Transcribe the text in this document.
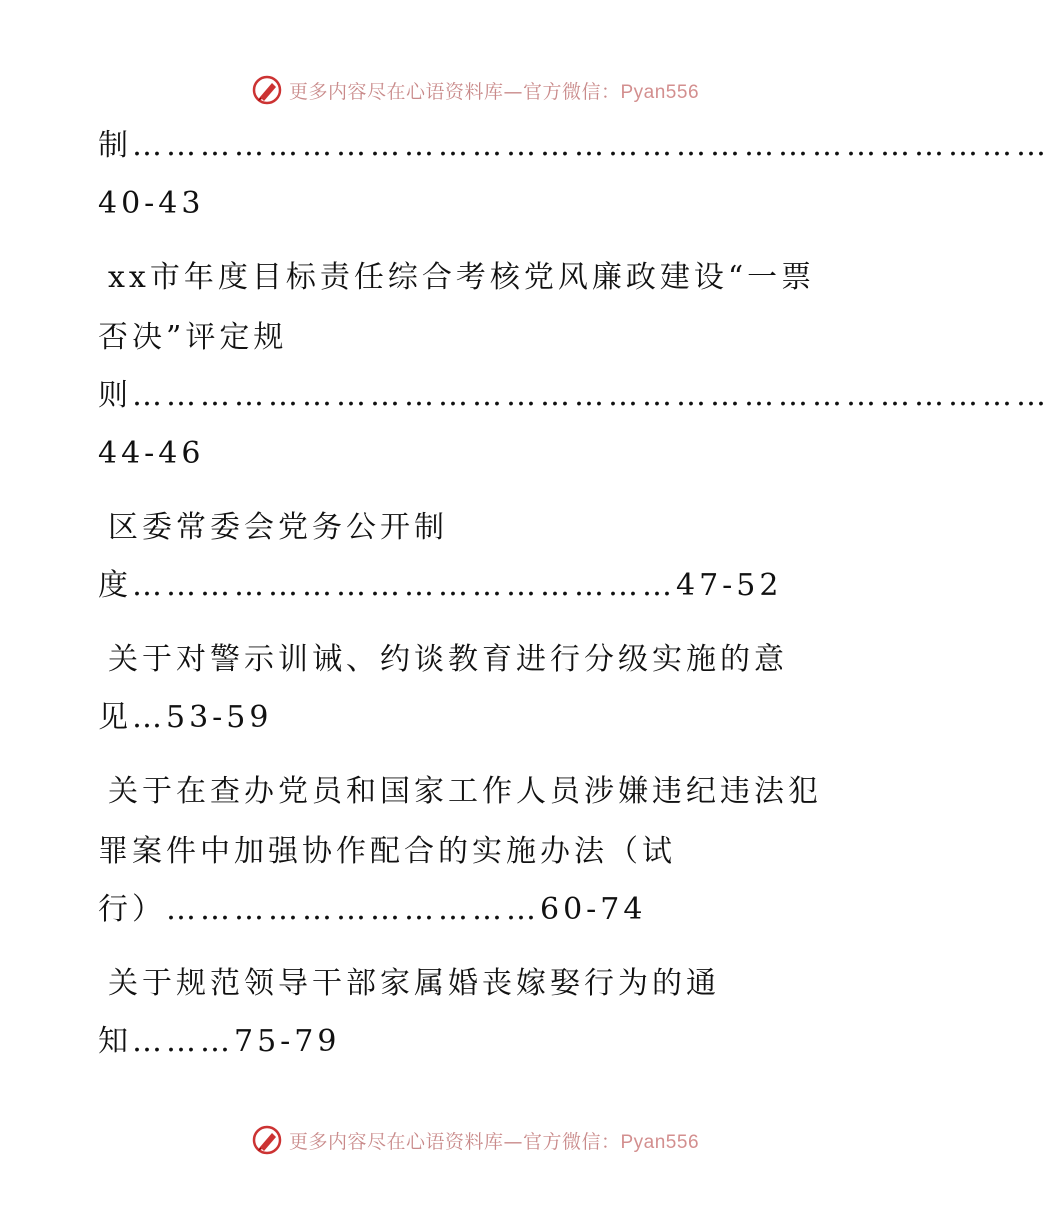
更多内容尽在心语资料库—官方微信：Pyan556
制………………………………………………………………………
40-43
xx市年度目标责任综合考核党风廉政建设“一票
否决”评定规
则………………………………………………………………………
44-46
区委常委会党务公开制
度…………………………………………47-52
关于对警示训诫、约谈教育进行分级实施的意
见…53-59
关于在查办党员和国家工作人员涉嫌违纪违法犯
罪案件中加强协作配合的实施办法（试
行）……………………………60-74
关于规范领导干部家属婚丧嫁娶行为的通
知………75-79
更多内容尽在心语资料库—官方微信：Pyan556
